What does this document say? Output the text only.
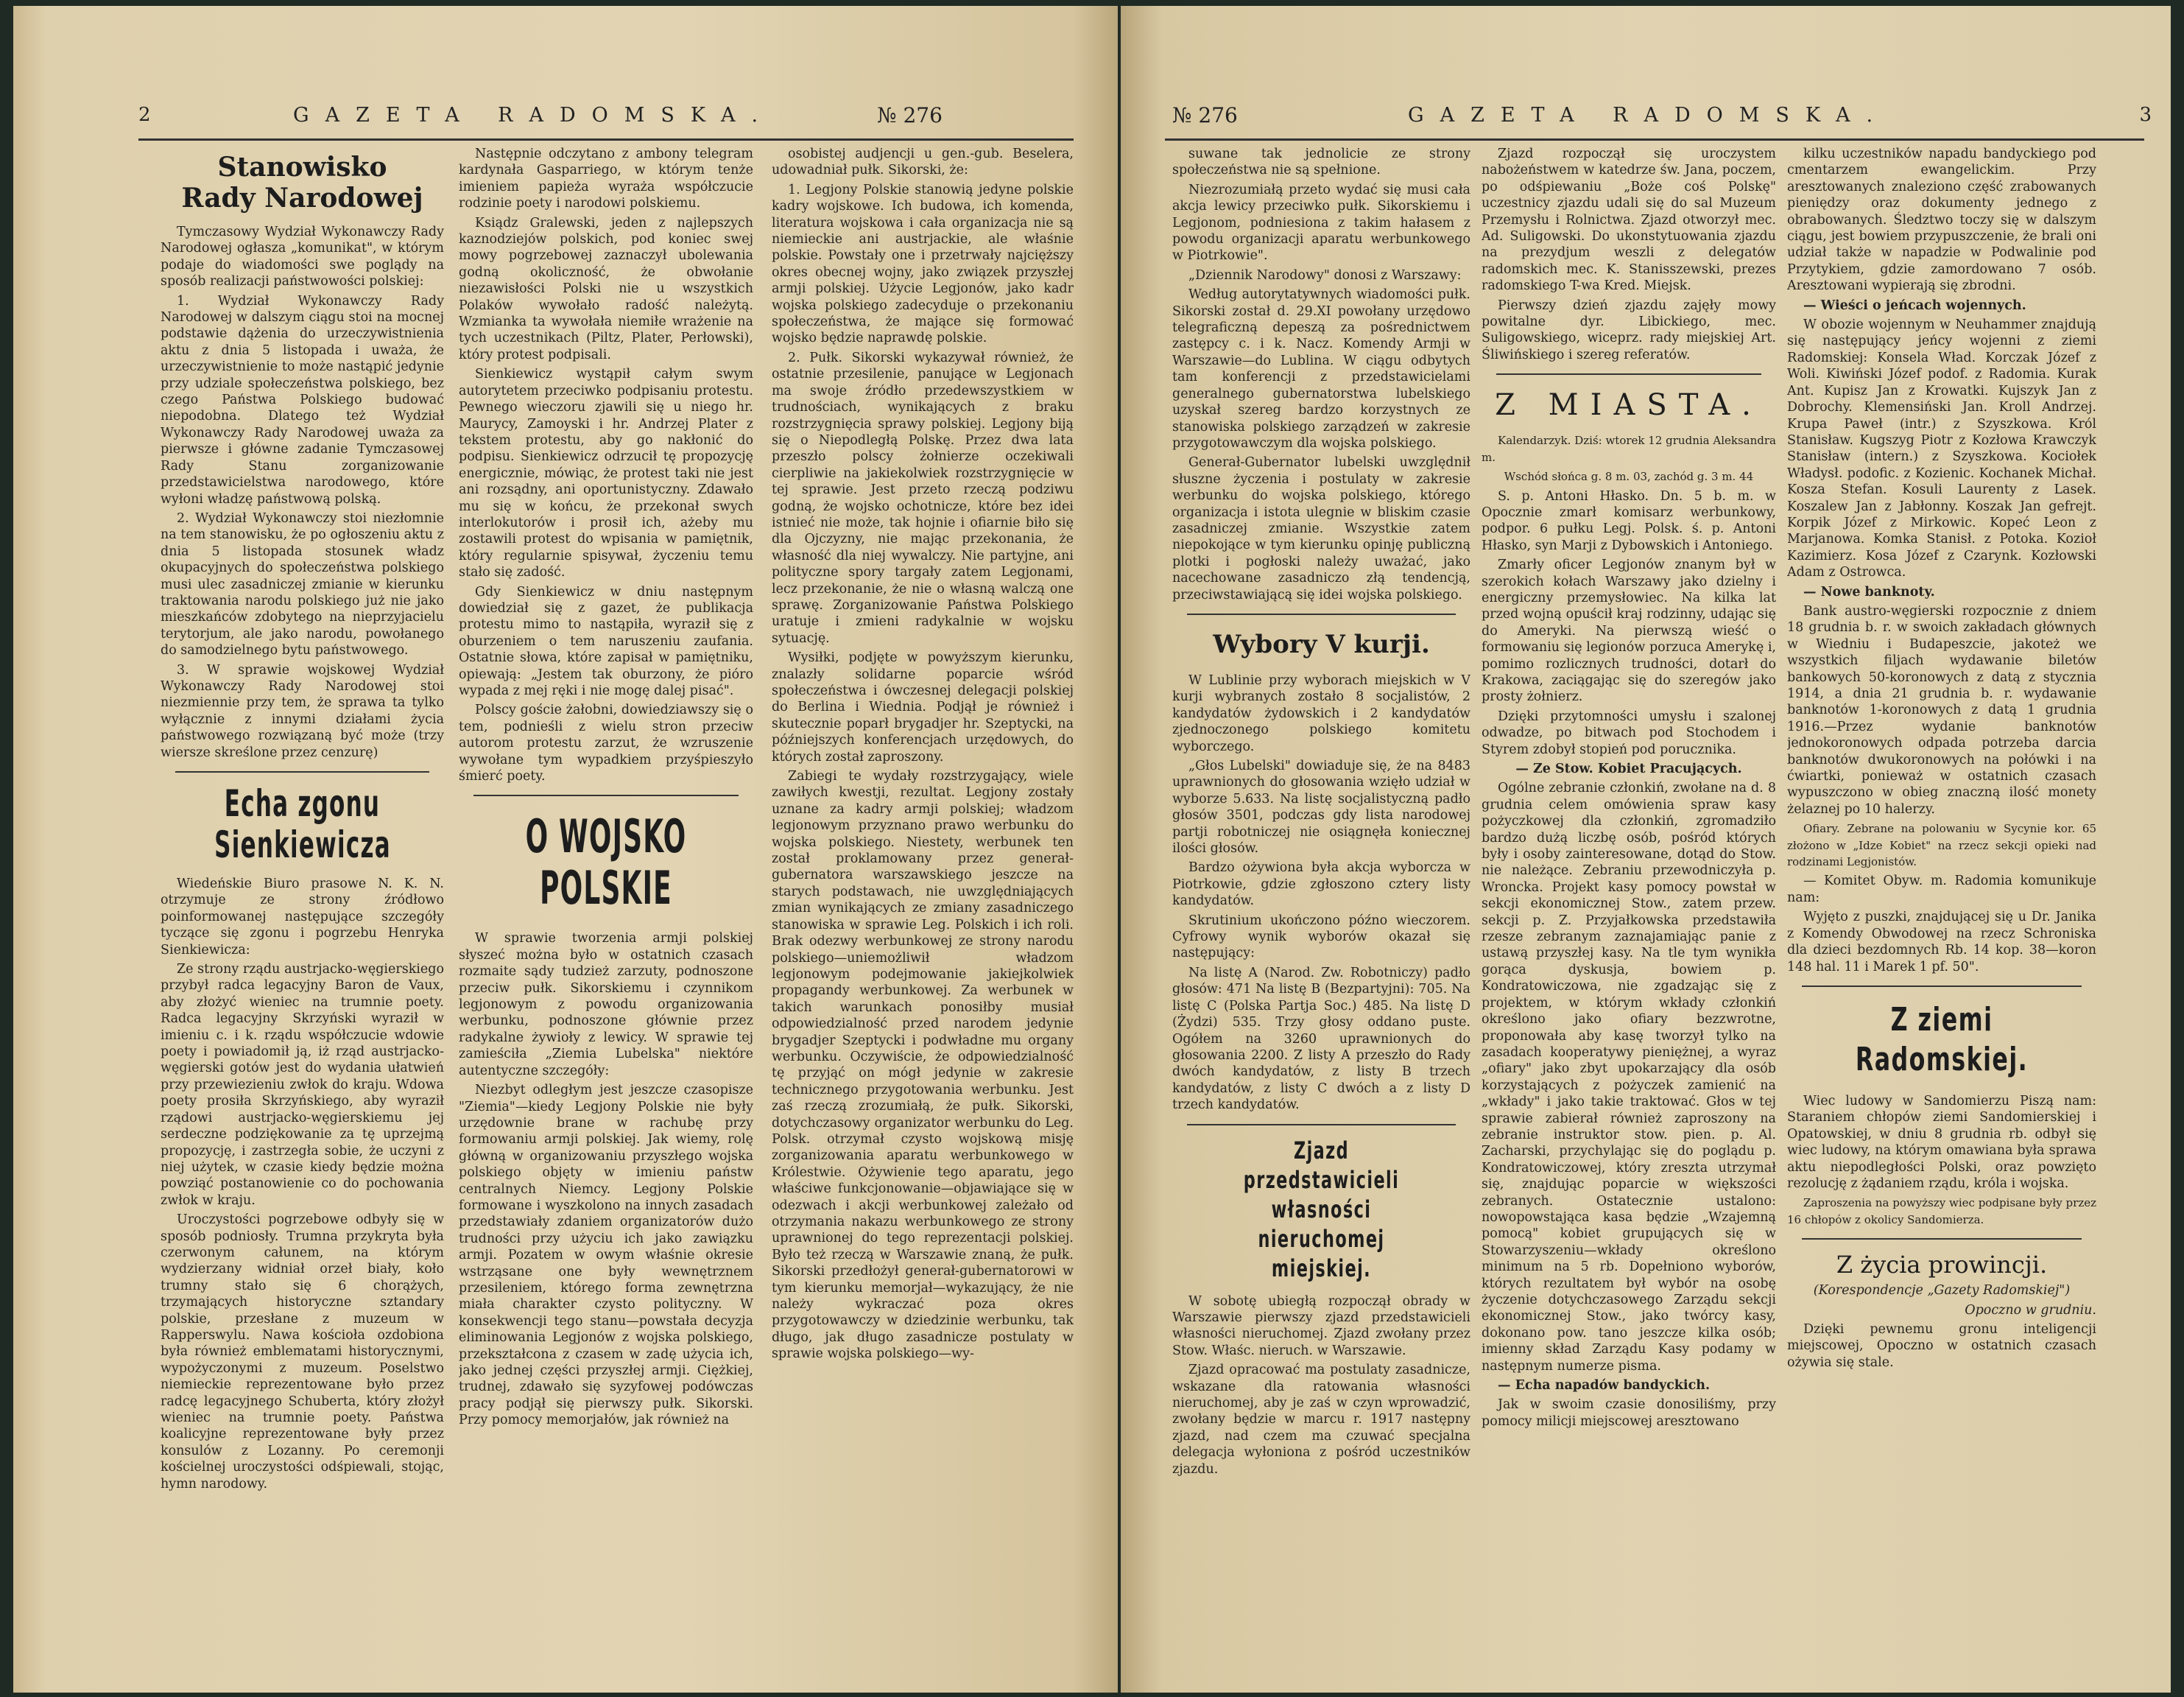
2	GAZETA RADOMSKA.	№ 276
Stanowisko
Rady Narodowej

Tymczasowy Wydział Wykonawczy Rady Narodowej ogłasza „komunikat", w którym podaje do wiadomości swe poglądy na sposób realizacji państwowości polskiej:

1. Wydział Wykonawczy Rady Narodowej w dalszym ciągu stoi na mocnej podstawie dążenia do urzeczywistnienia aktu z dnia 5 listopada i uważa, że urzeczywistnienie to może nastąpić jedynie przy udziale społeczeństwa polskiego, bez czego Państwa Polskiego budować niepodobna. Dlatego też Wydział Wykonawczy Rady Narodowej uważa za pierwsze i główne zadanie Tymczasowej Rady Stanu zorganizowanie przedstawicielstwa narodowego, które wyłoni władzę państwową polską.

2. Wydział Wykonawczy stoi niezłomnie na tem stanowisku, że po ogłoszeniu aktu z dnia 5 listopada stosunek władz okupacyjnych do społeczeństwa polskiego musi ulec zasadniczej zmianie w kierunku traktowania narodu polskiego już nie jako mieszkańców zdobytego na nieprzyjacielu terytorjum, ale jako narodu, powołanego do samodzielnego bytu państwowego.

3. W sprawie wojskowej Wydział Wykonawczy Rady Narodowej stoi niezmiennie przy tem, że sprawa ta tylko wyłącznie z innymi działami życia państwowego rozwiązaną być może (trzy wiersze skreślone przez cenzurę)

Echa zgonu Sienkiewicza

Wiedeńskie Biuro prasowe N. K. N. otrzymuje ze strony źródłowo poinformowanej następujące szczegóły tyczące się zgonu i pogrzebu Henryka Sienkiewicza:

Ze strony rządu austrjacko-węgierskiego przybył radca legacyjny Baron de Vaux, aby złożyć wieniec na trumnie poety. Radca legacyjny Skrzyński wyraził w imieniu c. i k. rządu współczucie wdowie poety i powiadomił ją, iż rząd austrjacko-węgierski gotów jest do wydania ułatwień przy przewiezieniu zwłok do kraju. Wdowa poety prosiła Skrzyńskiego, aby wyraził rządowi austrjacko-węgierskiemu jej serdeczne podziękowanie za tę uprzejmą propozycję, i zastrzegła sobie, że uczyni z niej użytek, w czasie kiedy będzie można powziąć postanowienie co do pochowania zwłok w kraju.

Uroczystości pogrzebowe odbyły się w sposób podniosły. Trumna przykryta była czerwonym całunem, na którym wydzierzany widniał orzeł biały, koło trumny stało się 6 chorążych, trzymających historyczne sztandary polskie, przesłane z muzeum w Rapperswylu. Nawa kościoła ozdobiona była również emblematami historycznymi, wypożyczonymi z muzeum. Poselstwo niemieckie reprezentowane było przez radcę legacyjnego Schuberta, który złożył wieniec na trumnie poety. Państwa koalicyjne reprezentowane były przez konsulów z Lozanny. Po ceremonji kościelnej uroczystości odśpiewali, stojąc, hymn narodowy.

Następnie odczytano z ambony telegram kardynała Gasparriego, w którym tenże imieniem papieża wyraża współczucie rodzinie poety i narodowi polskiemu.

Ksiądz Gralewski, jeden z najlepszych kaznodziejów polskich, pod koniec swej mowy pogrzebowej zaznaczył ubolewania godną okoliczność, że obwołanie niezawisłości Polski nie u wszystkich Polaków wywołało radość należytą. Wzmianka ta wywołała niemiłe wrażenie na tych uczestnikach (Piltz, Plater, Perłowski), który protest podpisali.

Sienkiewicz wystąpił całym swym autorytetem przeciwko podpisaniu protestu. Pewnego wieczoru zjawili się u niego hr. Maurycy, Zamoyski i hr. Andrzej Plater z tekstem protestu, aby go nakłonić do podpisu. Sienkiewicz odrzucił tę propozycję energicznie, mówiąc, że protest taki nie jest ani rozsądny, ani oportunistyczny. Zdawało mu się w końcu, że przekonał swych interlokutorów i prosił ich, ażeby mu zostawili protest do wpisania w pamiętnik, który regularnie spisywał, życzeniu temu stało się zadość.

Gdy Sienkiewicz w dniu następnym dowiedział się z gazet, że publikacja protestu mimo to nastąpiła, wyraził się z oburzeniem o tem naruszeniu zaufania. Ostatnie słowa, które zapisał w pamiętniku, opiewają: „Jestem tak oburzony, że pióro wypada z mej ręki i nie mogę dalej pisać".

Polscy goście żałobni, dowiedziawszy się o tem, podnieśli z wielu stron przeciw autorom protestu zarzut, że wzruszenie wywołane tym wypadkiem przyśpieszyło śmierć poety.

O WOJSKO POLSKIE

W sprawie tworzenia armji polskiej słyszeć można było w ostatnich czasach rozmaite sądy tudzież zarzuty, podnoszone przeciw pułk. Sikorskiemu i czynnikom legjonowym z powodu organizowania werbunku, podnoszone głównie przez radykalne żywioły z lewicy. W sprawie tej zamieściła „Ziemia Lubelska" niektóre autentyczne szczegóły:

Niezbyt odległym jest jeszcze czasopisze "Ziemia"—kiedy Legjony Polskie nie były urzędownie brane w rachubę przy formowaniu armji polskiej. Jak wiemy, rolę główną w organizowaniu przyszłego wojska polskiego objęty w imieniu państw centralnych Niemcy. Legjony Polskie formowane i wyszkolono na innych zasadach przedstawiały zdaniem organizatorów dużo trudności przy użyciu ich jako zawiązku armji. Pozatem w owym właśnie okresie wstrząsane one były wewnętrznem przesileniem, którego forma zewnętrzna miała charakter czysto polityczny. W konsekwencji tego stanu—powstała decyzja eliminowania Legjonów z wojska polskiego, przekształcona z czasem w zadę użycia ich, jako jednej części przyszłej armji. Ciężkiej, trudnej, zdawało się syzyfowej podówczas pracy podjął się pierwszy pułk. Sikorski. Przy pomocy memorjałów, jak również na

osobistej audjencji u gen.-gub. Beselera, udowadniał pułk. Sikorski, że:

1. Legjony Polskie stanowią jedyne polskie kadry wojskowe. Ich budowa, ich komenda, literatura wojskowa i cała organizacja nie są niemieckie ani austrjackie, ale właśnie polskie. Powstały one i przetrwały najcięższy okres obecnej wojny, jako związek przyszłej armji polskiej. Użycie Legjonów, jako kadr wojska polskiego zadecyduje o przekonaniu społeczeństwa, że mające się formować wojsko będzie naprawdę polskie.

2. Pułk. Sikorski wykazywał również, że ostatnie przesilenie, panujące w Legjonach ma swoje źródło przedewszystkiem w trudnościach, wynikających z braku rozstrzygnięcia sprawy polskiej. Legjony biją się o Niepodległą Polskę. Przez dwa lata przeszło polscy żołnierze oczekiwali cierpliwie na jakiekolwiek rozstrzygnięcie w tej sprawie. Jest przeto rzeczą podziwu godną, że wojsko ochotnicze, które bez idei istnieć nie może, tak hojnie i ofiarnie biło się dla Ojczyzny, nie mając przekonania, że własność dla niej wywalczy. Nie partyjne, ani polityczne spory targały zatem Legjonami, lecz przekonanie, że nie o własną walczą one sprawę. Zorganizowanie Państwa Polskiego uratuje i zmieni radykalnie w wojsku sytuację.

Wysiłki, podjęte w powyższym kierunku, znalazły solidarne poparcie wśród społeczeństwa i ówczesnej delegacji polskiej do Berlina i Wiednia. Podjął je również i skutecznie poparł brygadjer hr. Szeptycki, na późniejszych konferencjach urzędowych, do których został zaproszony.

Zabiegi te wydały rozstrzygający, wiele zawiłych kwestji, rezultat. Legjony zostały uznane za kadry armji polskiej; władzom legjonowym przyznano prawo werbunku do wojska polskiego. Niestety, werbunek ten został proklamowany przez generał-gubernatora warszawskiego jeszcze na starych podstawach, nie uwzględniających zmian wynikających ze zmiany zasadniczego stanowiska w sprawie Leg. Polskich i ich roli. Brak odezwy werbunkowej ze strony narodu polskiego—uniemożliwił władzom legjonowym podejmowanie jakiejkolwiek propagandy werbunkowej. Za werbunek w takich warunkach ponosiłby musiał odpowiedzialność przed narodem jedynie brygadjer Szeptycki i podwładne mu organy werbunku. Oczywiście, że odpowiedzialność tę przyjąć on mógł jedynie w zakresie technicznego przygotowania werbunku. Jest zaś rzeczą zrozumiałą, że pułk. Sikorski, dotychczasowy organizator werbunku do Leg. Polsk. otrzymał czysto wojskową misję zorganizowania aparatu werbunkowego w Królestwie. Ożywienie tego aparatu, jego właściwe funkcjonowanie—objawiające się w odezwach i akcji werbunkowej zależało od otrzymania nakazu werbunkowego ze strony uprawnionej do tego reprezentacji polskiej. Było też rzeczą w Warszawie znaną, że pułk. Sikorski przedłożył generał-gubernatorowi w tym kierunku memorjał—wykazujący, że nie należy wykraczać poza okres przygotowawczy w dziedzinie werbunku, tak długo, jak długo zasadnicze postulaty w sprawie wojska polskiego—wy-

№ 276	GAZETA RADOMSKA.	3

suwane tak jednolicie ze strony społeczeństwa nie są spełnione.

Niezrozumiałą przeto wydać się musi cała akcja lewicy przeciwko pułk. Sikorskiemu i Legjonom, podniesiona z takim hałasem z powodu organizacji aparatu werbunkowego w Piotrkowie".

„Dziennik Narodowy" donosi z Warszawy:

Według autorytatywnych wiadomości pułk. Sikorski został d. 29.XI powołany urzędowo telegraficzną depeszą za pośrednictwem zastępcy c. i k. Nacz. Komendy Armji w Warszawie—do Lublina. W ciągu odbytych tam konferencji z przedstawicielami generalnego gubernatorstwa lubelskiego uzyskał szereg bardzo korzystnych ze stanowiska polskiego zarządzeń w zakresie przygotowawczym dla wojska polskiego.

Generał-Gubernator lubelski uwzględnił słuszne życzenia i postulaty w zakresie werbunku do wojska polskiego, którego organizacja i istota ulegnie w bliskim czasie zasadniczej zmianie. Wszystkie zatem niepokojące w tym kierunku opinję publiczną plotki i pogłoski należy uważać, jako nacechowane zasadniczo złą tendencją, przeciwstawiającą się idei wojska polskiego.

Wybory V kurji.

W Lublinie przy wyborach miejskich w V kurji wybranych zostało 8 socjalistów, 2 kandydatów żydowskich i 2 kandydatów zjednoczonego polskiego komitetu wyborczego.

„Głos Lubelski" dowiaduje się, że na 8483 uprawnionych do głosowania wzięło udział w wyborze 5.633. Na listę socjalistyczną padło głosów 3501, podczas gdy lista narodowej partji robotniczej nie osiągnęła koniecznej ilości głosów.

Bardzo ożywiona była akcja wyborcza w Piotrkowie, gdzie zgłoszono cztery listy kandydatów.

Skrutinium ukończono późno wieczorem. Cyfrowy wynik wyborów okazał się następujący:

Na listę A (Narod. Zw. Robotniczy) padło głosów: 471 Na listę B (Bezpartyjni): 705. Na listę C (Polska Partja Soc.) 485. Na listę D (Żydzi) 535. Trzy głosy oddano puste. Ogółem na 3260 uprawnionych do głosowania 2200. Z listy A przeszło do Rady dwóch kandydatów, z listy B trzech kandydatów, z listy C dwóch a z listy D trzech kandydatów.

Zjazd przedstawicieli własności nieruchomej miejskiej.

W sobotę ubiegłą rozpoczął obrady w Warszawie pierwszy zjazd przedstawicieli własności nieruchomej. Zjazd zwołany przez Stow. Właśc. nieruch. w Warszawie.

Zjazd opracować ma postulaty zasadnicze, wskazane dla ratowania własności nieruchomej, aby je zaś w czyn wprowadzić, zwołany będzie w marcu r. 1917 następny zjazd, nad czem ma czuwać specjalna delegacja wyłoniona z pośród uczestników zjazdu.

Zjazd rozpoczął się uroczystem nabożeństwem w katedrze św. Jana, poczem, po odśpiewaniu „Boże coś Polskę" uczestnicy zjazdu udali się do sal Muzeum Przemysłu i Rolnictwa. Zjazd otworzył mec. Ad. Suligowski. Do ukonstytuowania zjazdu na prezydjum weszli z delegatów radomskich mec. K. Stanisszewski, prezes radomskiego T-wa Kred. Miejsk.

Pierwszy dzień zjazdu zajęły mowy powitalne dyr. Libickiego, mec. Suligowskiego, wiceprz. rady miejskiej Art. Śliwińskiego i szereg referatów.

Z MIASTA.

Kalendarzyk. Dziś: wtorek 12 grudnia Aleksandra m.

Wschód słońca g. 8 m. 03, zachód g. 3 m. 44

S. p. Antoni Hłasko. Dn. 5 b. m. w Opocznie zmarł komisarz werbunkowy, podpor. 6 pułku Legj. Polsk. ś. p. Antoni Hłasko, syn Marji z Dybowskich i Antoniego.

Zmarły oficer Legjonów znanym był w szerokich kołach Warszawy jako dzielny i energiczny przemysłowiec. Na kilka lat przed wojną opuścił kraj rodzinny, udając się do Ameryki. Na pierwszą wieść o formowaniu się legionów porzuca Amerykę i, pomimo rozlicznych trudności, dotarł do Krakowa, zaciągając się do szeregów jako prosty żołnierz.

Dzięki przytomności umysłu i szalonej odwadze, po bitwach pod Stochodem i Styrem zdobył stopień pod porucznika.

— Ze Stow. Kobiet Pracujących.

Ogólne zebranie członkiń, zwołane na d. 8 grudnia celem omówienia spraw kasy pożyczkowej dla członkiń, zgromadziło bardzo dużą liczbę osób, pośród których były i osoby zainteresowane, dotąd do Stow. nie należące. Zebraniu przewodniczyła p. Wroncka. Projekt kasy pomocy powstał w sekcji ekonomicznej Stow., zatem przew. sekcji p. Z. Przyjałkowska przedstawiła rzesze zebranym zaznajamiając panie z ustawą przyszłej kasy. Na tle tym wynikła gorąca dyskusja, bowiem p. Kondratowiczowa, nie zgadzając się z projektem, w którym wkłady członkiń określono jako ofiary bezzwrotne, proponowała aby kasę tworzył tylko na zasadach kooperatywy pieniężnej, a wyraz „ofiary" jako zbyt upokarzający dla osób korzystających z pożyczek zamienić na „wkłady" i jako takie traktować. Głos w tej sprawie zabierał również zaproszony na zebranie instruktor stow. pien. p. Al. Zacharski, przychylając się do poglądu p. Kondratowiczowej, który zreszta utrzymał się, znajdując poparcie w większości zebranych. Ostatecznie ustalono: nowopowstająca kasa będzie „Wzajemną pomocą" kobiet grupujących się w Stowarzyszeniu—wkłady określono minimum na 5 rb. Dopełniono wyborów, których rezultatem był wybór na osobę życzenie dotychczasowego Zarządu sekcji ekonomicznej Stow., jako twórcy kasy, dokonano pow. tano jeszcze kilka osób; imienny skład Zarządu Kasy podamy w następnym numerze pisma.

— Echa napadów bandyckich.

Jak w swoim czasie donosiliśmy, przy pomocy milicji miejscowej aresztowano

kilku uczestników napadu bandyckiego pod cmentarzem ewangelickim. Przy aresztowanych znaleziono część zrabowanych pieniędzy oraz dokumenty jednego z obrabowanych. Śledztwo toczy się w dalszym ciągu, jest bowiem przypuszczenie, że brali oni udział także w napadzie w Podwalinie pod Przytykiem, gdzie zamordowano 7 osób. Aresztowani wypierają się zbrodni.

— Wieści o jeńcach wojennych.

W obozie wojennym w Neuhammer znajdują się następujący jeńcy wojenni z ziemi Radomskiej: Konsela Wład. Korczak Józef z Woli. Kiwiński Józef podof. z Radomia. Kurak Ant. Kupisz Jan z Krowatki. Kujszyk Jan z Dobrochy. Klemensiński Jan. Kroll Andrzej. Krupa Paweł (intr.) z Szyszkowa. Król Stanisław. Kugszyg Piotr z Kozłowa Krawczyk Stanisław (intern.) z Szyszkowa. Kociołek Władysł. podofic. z Kozienic. Kochanek Michał. Kosza Stefan. Kosuli Laurenty z Lasek. Koszalew Jan z Jabłonny. Koszak Jan gefrejt. Korpik Józef z Mirkowic. Kopeć Leon z Marjanowa. Komka Stanisł. z Potoka. Kozioł Kazimierz. Kosa Józef z Czarynk. Kozłowski Adam z Ostrowca.

— Nowe banknoty.

Bank austro-węgierski rozpocznie z dniem 18 grudnia b. r. w swoich zakładach głównych w Wiedniu i Budapeszcie, jakoteż we wszystkich filjach wydawanie biletów bankowych 50-koronowych z datą z stycznia 1914, a dnia 21 grudnia b. r. wydawanie banknotów 1-koronowych z datą 1 grudnia 1916.—Przez wydanie banknotów jednokoronowych odpada potrzeba darcia banknotów dwukoronowych na połówki i na ćwiartki, ponieważ w ostatnich czasach wypuszczono w obieg znaczną ilość monety żelaznej po 10 halerzy.

Ofiary. Zebrane na polowaniu w Sycynie kor. 65 złożono w „Idze Kobiet" na rzecz sekcji opieki nad rodzinami Legjonistów.

— Komitet Obyw. m. Radomia komunikuje nam:

Wyjęto z puszki, znajdującej się u Dr. Janika z Komendy Obwodowej na rzecz Schroniska dla dzieci bezdomnych Rb. 14 kop. 38—koron 148 hal. 11 i Marek 1 pf. 50".

Z ziemi Radomskiej.

Wiec ludowy w Sandomierzu Piszą nam: Staraniem chłopów ziemi Sandomierskiej i Opatowskiej, w dniu 8 grudnia rb. odbył się wiec ludowy, na którym omawiana była sprawa aktu niepodległości Polski, oraz powzięto rezolucję z żądaniem rządu, króla i wojska.

Zaproszenia na powyższy wiec podpisane były przez 16 chłopów z okolicy Sandomierza.

Z życia prowincji.

(Korespondencje „Gazety Radomskiej")

Opoczno w grudniu.

Dzięki pewnemu gronu inteligencji miejscowej, Opoczno w ostatnich czasach ożywia się stale.
